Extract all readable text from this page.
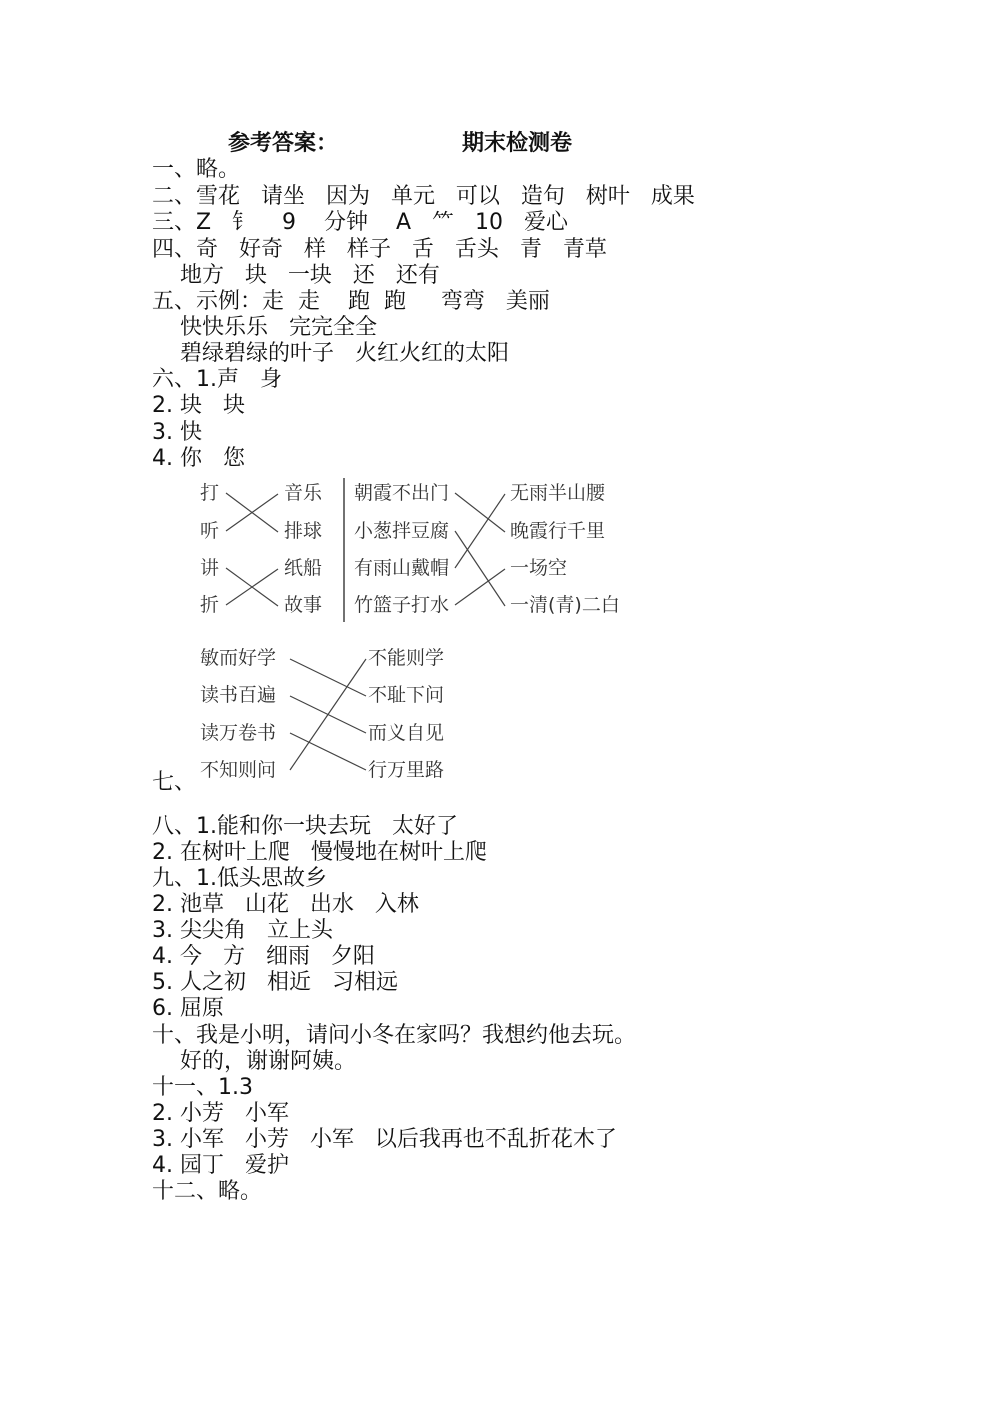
参考答案：	期末检测卷
一、略。
二、雪花   请坐   因为   单元   可以   造句   树叶   成果
三、Z   钅    9    分钟    A   ⺮   10   爱心
四、奇   好奇   样   样子   舌   舌头   青   青草
地方   块   一块   还   还有
五、示例：走  走    跑  跑     弯弯   美丽
快快乐乐   完完全全
碧绿碧绿的叶子   火红火红的太阳
六、1.声   身
2. 块   块
3. 快
4. 你   您
打
听
讲
折
音乐
排球
纸船
故事
朝霞不出门
小葱拌豆腐
有雨山戴帽
竹篮子打水
无雨半山腰
晚霞行千里
一场空
一清(青)二白
敏而好学
读书百遍
读万卷书
不知则问
不能则学
不耻下问
而义自见
行万里路
七、
八、1.能和你一块去玩   太好了
2. 在树叶上爬   慢慢地在树叶上爬
九、1.低头思故乡
2. 池草   山花   出水   入林
3. 尖尖角   立上头
4. 今   方   细雨   夕阳
5. 人之初   相近   习相远
6. 屈原
十、我是小明，请问小冬在家吗？我想约他去玩。
好的，谢谢阿姨。
十一、1.3
2. 小芳   小军
3. 小军   小芳   小军   以后我再也不乱折花木了
4. 园丁   爱护
十二、略。
